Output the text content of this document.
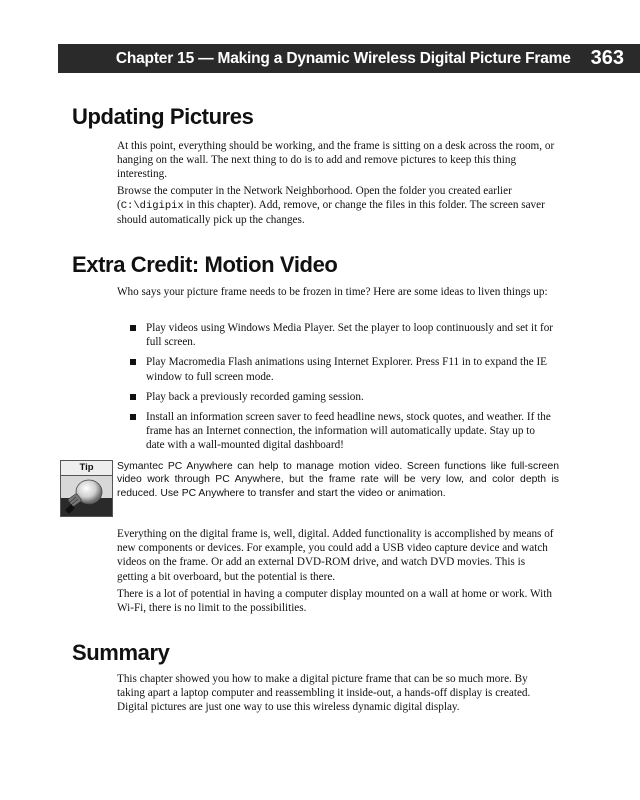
Chapter 15 — Making a Dynamic Wireless Digital Picture Frame 363
Updating Pictures

At this point, everything should be working, and the frame is sitting on a desk across the room, or hanging on the wall. The next thing to do is to add and remove pictures to keep this thing interesting.

Browse the computer in the Network Neighborhood. Open the folder you created earlier (C:\digipix in this chapter). Add, remove, or change the files in this folder. The screen saver should automatically pick up the changes.

Extra Credit: Motion Video

Who says your picture frame needs to be frozen in time? Here are some ideas to liven things up:

Play videos using Windows Media Player. Set the player to loop continuously and set it for full screen.
Play Macromedia Flash animations using Internet Explorer. Press F11 in to expand the IE window to full screen mode.
Play back a previously recorded gaming session.
Install an information screen saver to feed headline news, stock quotes, and weather. If the frame has an Internet connection, the information will automatically update. Stay up to date with a wall-mounted digital dashboard!
Tip	Symantec PC Anywhere can help to manage motion video. Screen functions like full-screen video work through PC Anywhere, but the frame rate will be very low, and color depth is reduced. Use PC Anywhere to transfer and start the video or animation.

Everything on the digital frame is, well, digital. Added functionality is accomplished by means of new components or devices. For example, you could add a USB video capture device and watch videos on the frame. Or add an external DVD-ROM drive, and watch DVD movies. This is getting a bit overboard, but the potential is there.

There is a lot of potential in having a computer display mounted on a wall at home or work. With Wi-Fi, there is no limit to the possibilities.

Summary

This chapter showed you how to make a digital picture frame that can be so much more. By taking apart a laptop computer and reassembling it inside-out, a hands-off display is created. Digital pictures are just one way to use this wireless dynamic digital display.
